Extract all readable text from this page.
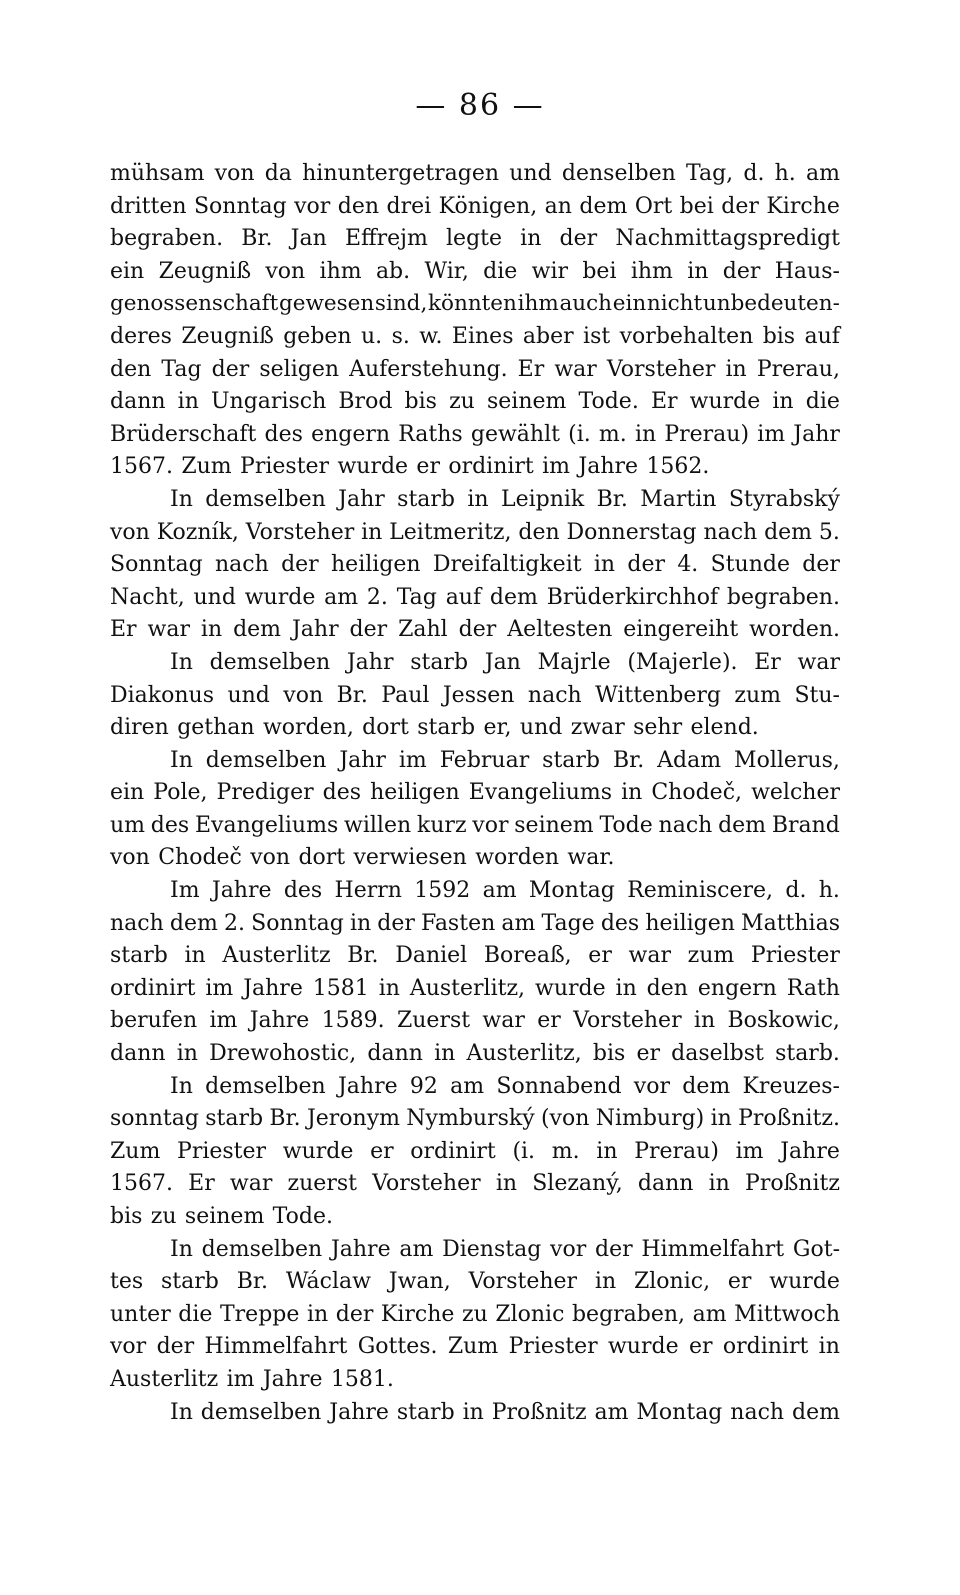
— 86 —
mühsam von da hinuntergetragen und denselben Tag, d. h. am
dritten Sonntag vor den drei Königen, an dem Ort bei der Kirche
begraben. Br. Jan Effrejm legte in der Nachmittagspredigt
ein Zeugniß von ihm ab. Wir, die wir bei ihm in der Haus-
genossenschaft gewesen sind, könnten ihm auch ein nicht unbedeuten-
deres Zeugniß geben u. s. w. Eines aber ist vorbehalten bis auf
den Tag der seligen Auferstehung. Er war Vorsteher in Prerau,
dann in Ungarisch Brod bis zu seinem Tode. Er wurde in die
Brüderschaft des engern Raths gewählt (i. m. in Prerau) im Jahr
1567. Zum Priester wurde er ordinirt im Jahre 1562.
In demselben Jahr starb in Leipnik Br. Martin Styrabský
von Kozník, Vorsteher in Leitmeritz, den Donnerstag nach dem 5.
Sonntag nach der heiligen Dreifaltigkeit in der 4. Stunde der
Nacht, und wurde am 2. Tag auf dem Brüderkirchhof begraben.
Er war in dem Jahr der Zahl der Aeltesten eingereiht worden.
In demselben Jahr starb Jan Majrle (Majerle). Er war
Diakonus und von Br. Paul Jessen nach Wittenberg zum Stu-
diren gethan worden, dort starb er, und zwar sehr elend.
In demselben Jahr im Februar starb Br. Adam Mollerus,
ein Pole, Prediger des heiligen Evangeliums in Chodeč, welcher
um des Evangeliums willen kurz vor seinem Tode nach dem Brand
von Chodeč von dort verwiesen worden war.
Im Jahre des Herrn 1592 am Montag Reminiscere, d. h.
nach dem 2. Sonntag in der Fasten am Tage des heiligen Matthias
starb in Austerlitz Br. Daniel Boreaß, er war zum Priester
ordinirt im Jahre 1581 in Austerlitz, wurde in den engern Rath
berufen im Jahre 1589. Zuerst war er Vorsteher in Boskowic,
dann in Drewohostic, dann in Austerlitz, bis er daselbst starb.
In demselben Jahre 92 am Sonnabend vor dem Kreuzes-
sonntag starb Br. Jeronym Nymburský (von Nimburg) in Proßnitz.
Zum Priester wurde er ordinirt (i. m. in Prerau) im Jahre
1567. Er war zuerst Vorsteher in Slezaný, dann in Proßnitz
bis zu seinem Tode.
In demselben Jahre am Dienstag vor der Himmelfahrt Got-
tes starb Br. Wáclaw Jwan, Vorsteher in Zlonic, er wurde
unter die Treppe in der Kirche zu Zlonic begraben, am Mittwoch
vor der Himmelfahrt Gottes. Zum Priester wurde er ordinirt in
Austerlitz im Jahre 1581.
In demselben Jahre starb in Proßnitz am Montag nach dem
